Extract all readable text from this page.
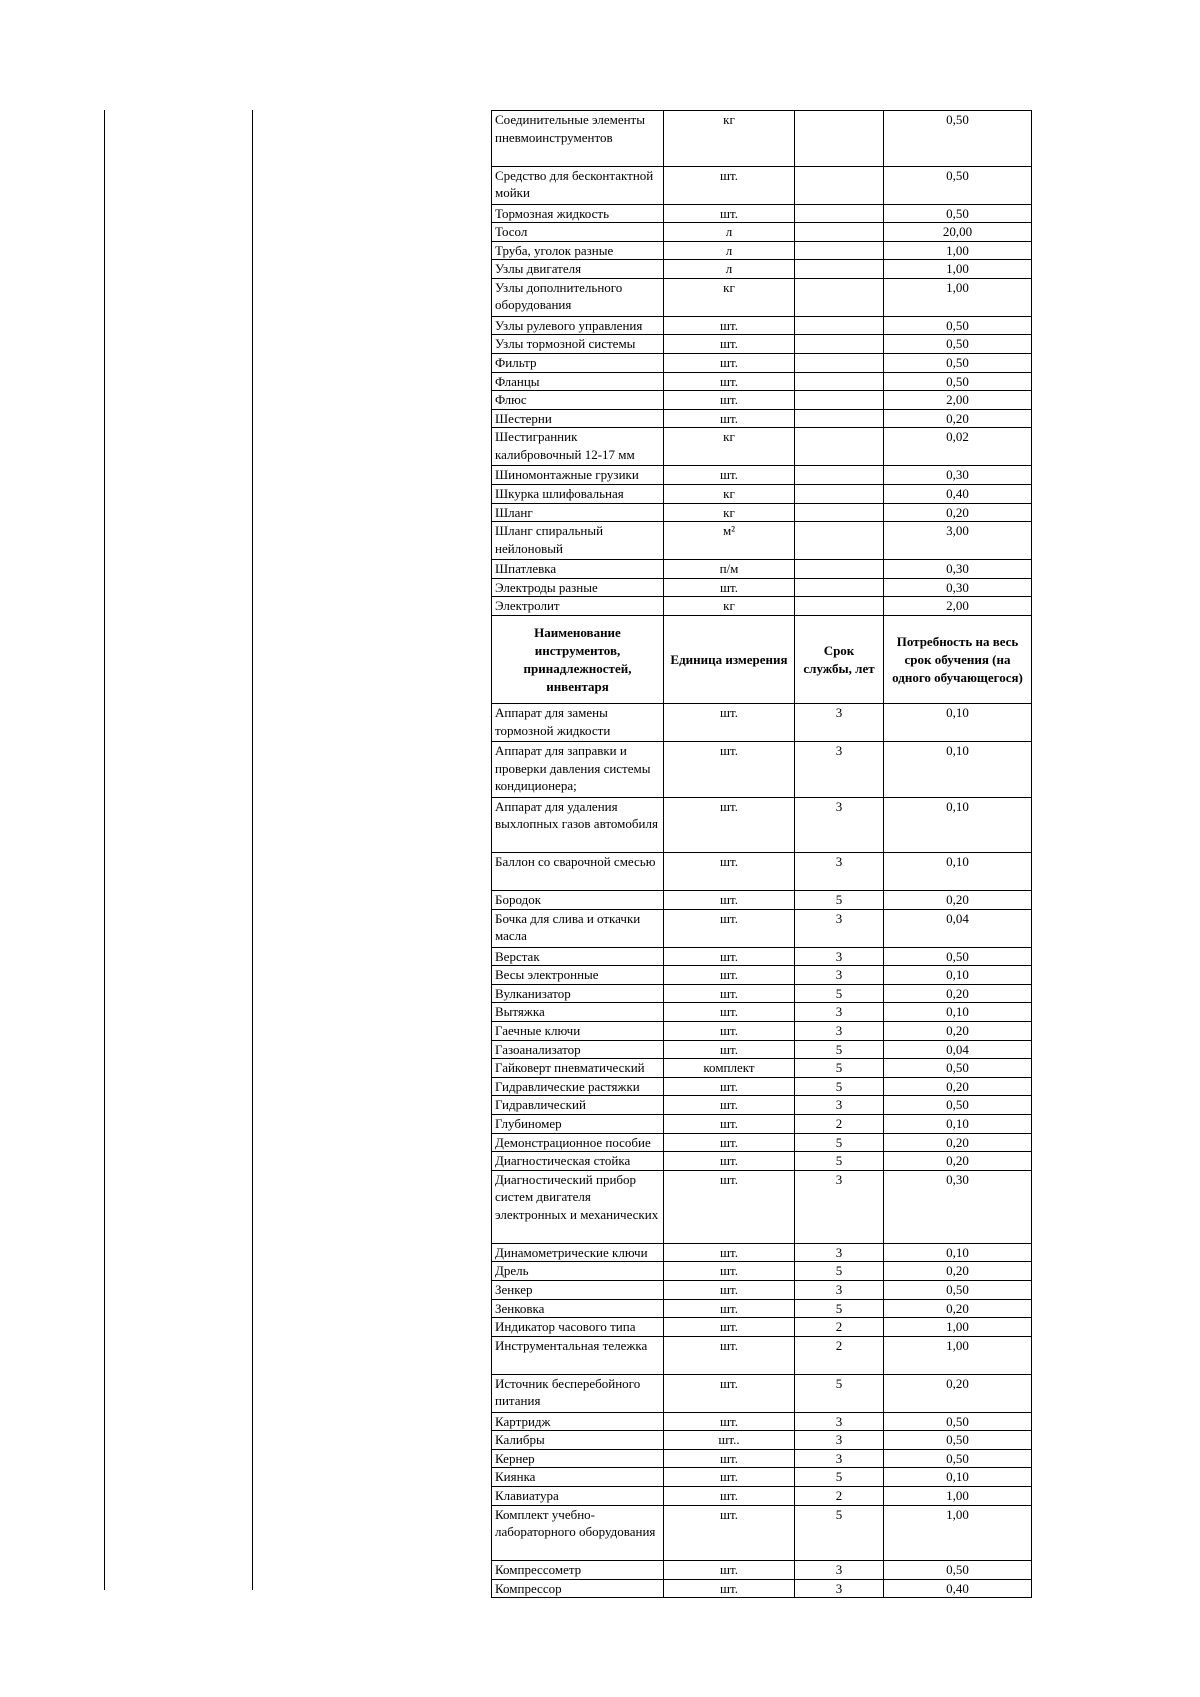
Соединительные элементы пневмоинструментов	кг		0,50
Средство для бесконтактной мойки	шт.		0,50
Тормозная жидкость	шт.		0,50
Тосол	л		20,00
Труба, уголок разные	л		1,00
Узлы двигателя	л		1,00
Узлы дополнительного оборудования	кг		1,00
Узлы рулевого управления	шт.		0,50
Узлы тормозной системы	шт.		0,50
Фильтр	шт.		0,50
Фланцы	шт.		0,50
Флюс	шт.		2,00
Шестерни	шт.		0,20
Шестигранник калибровочный 12-17 мм	кг		0,02
Шиномонтажные грузики	шт.		0,30
Шкурка шлифовальная	кг		0,40
Шланг	кг		0,20
Шланг спиральный нейлоновый	м²		3,00
Шпатлевка	п/м		0,30
Электроды разные	шт.		0,30
Электролит	кг		2,00
Наименование инструментов, принадлежностей, инвентаря	Единица измерения	Срок службы, лет	Потребность на весь срок обучения (на одного обучающегося)
Аппарат для замены тормозной жидкости	шт.	3	0,10
Аппарат для заправки и проверки давления системы кондиционера;	шт.	3	0,10
Аппарат для удаления выхлопных газов автомобиля	шт.	3	0,10
Баллон со сварочной смесью	шт.	3	0,10
Бородок	шт.	5	0,20
Бочка для слива и откачки масла	шт.	3	0,04
Верстак	шт.	3	0,50
Весы электронные	шт.	3	0,10
Вулканизатор	шт.	5	0,20
Вытяжка	шт.	3	0,10
Гаечные ключи	шт.	3	0,20
Газоанализатор	шт.	5	0,04
Гайковерт пневматический	комплект	5	0,50
Гидравлические растяжки	шт.	5	0,20
Гидравлический	шт.	3	0,50
Глубиномер	шт.	2	0,10
Демонстрационное пособие	шт.	5	0,20
Диагностическая стойка	шт.	5	0,20
Диагностический прибор систем двигателя электронных и механических	шт.	3	0,30
Динамометрические ключи	шт.	3	0,10
Дрель	шт.	5	0,20
Зенкер	шт.	3	0,50
Зенковка	шт.	5	0,20
Индикатор часового типа	шт.	2	1,00
Инструментальная тележка	шт.	2	1,00
Источник бесперебойного питания	шт.	5	0,20
Картридж	шт.	3	0,50
Калибры	шт..	3	0,50
Кернер	шт.	3	0,50
Киянка	шт.	5	0,10
Клавиатура	шт.	2	1,00
Комплект учебно-лабораторного оборудования	шт.	5	1,00
Компрессометр	шт.	3	0,50
Компрессор	шт.	3	0,40
